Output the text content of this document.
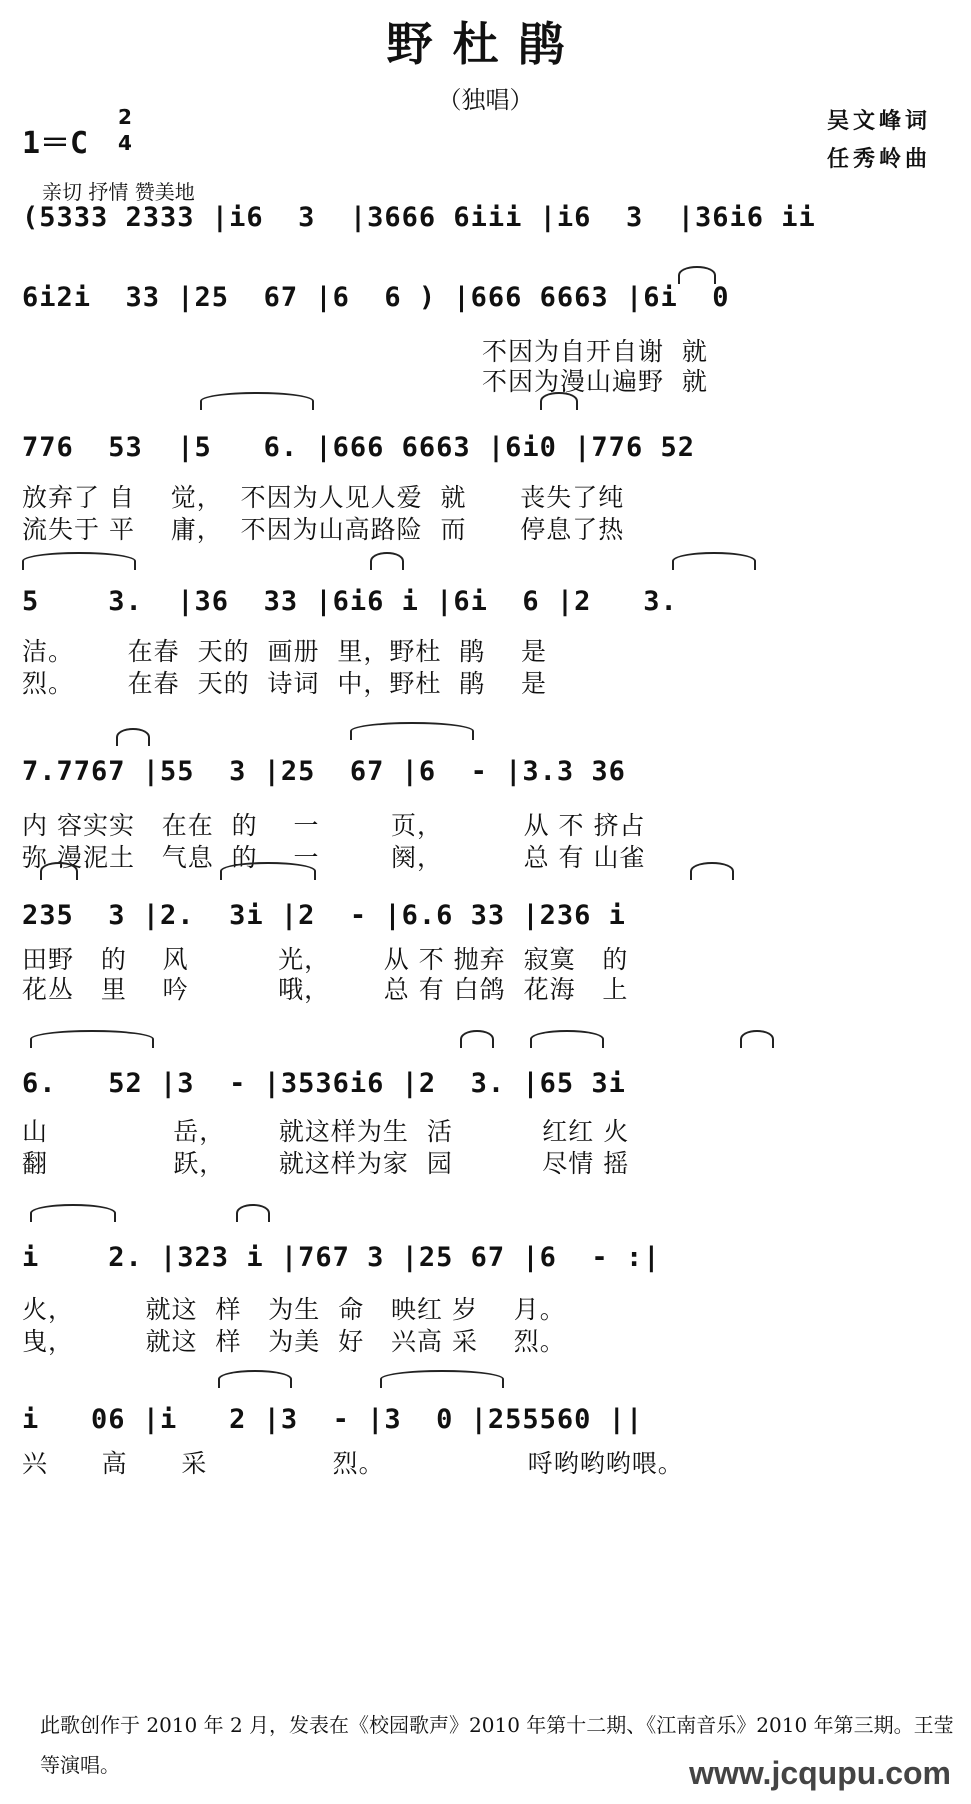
野杜鹃
（独唱）
1＝C
2
4
亲切 抒情 赞美地
吴文峰词
任秀岭曲
(5333 2333 |i6  3  |3666 6iii |i6  3  |36i6 ii
6i2i  33 |25  67 |6  6 ) |666 6663 |6i  0
776  53  |5   6. |666 6663 |6i0 |776 52
5    3.  |36  33 |6i6 i |6i  6 |2   3.
7.7767 |55  3 |25  67 |6  - |3.3 36
235  3 |2.  3i |2  - |6.6 33 |236 i
6.   52 |3  - |3536i6 |2  3. |65 3i
i    2. |323 i |767 3 |25 67 |6  - :|
i   06 |i   2 |3  - |3  0 |255560 ||
不因为自开自谢  就
不因为漫山遍野  就
放弃了 自    觉，  不因为人见人爱  就      丧失了纯
流失于 平    庸，  不因为山高路险  而      停息了热
洁。      在春  天的  画册  里，野杜  鹃    是
烈。      在春  天的  诗词  中，野杜  鹃    是
内 容实实   在在  的    一        页，         从 不 挤占
弥 漫泥土   气息  的    一        阕，         总 有 山雀
田野   的    风          光，      从 不 抛弃  寂寞   的
花丛   里    吟          哦，      总 有 白鸽  花海   上
山              岳，      就这样为生  活          红红 火
翻              跃，      就这样为家  园          尽情 摇
火，        就这  样   为生  命   映红 岁    月。
曳，        就这  样   为美  好   兴高 采    烈。
兴      高      采              烈。                哷哟哟哟喂。
此歌创作于 2010 年 2 月，发表在《校园歌声》2010 年第十二期、《江南音乐》2010 年第三期。王莹等演唱。	www.jcqupu.com
